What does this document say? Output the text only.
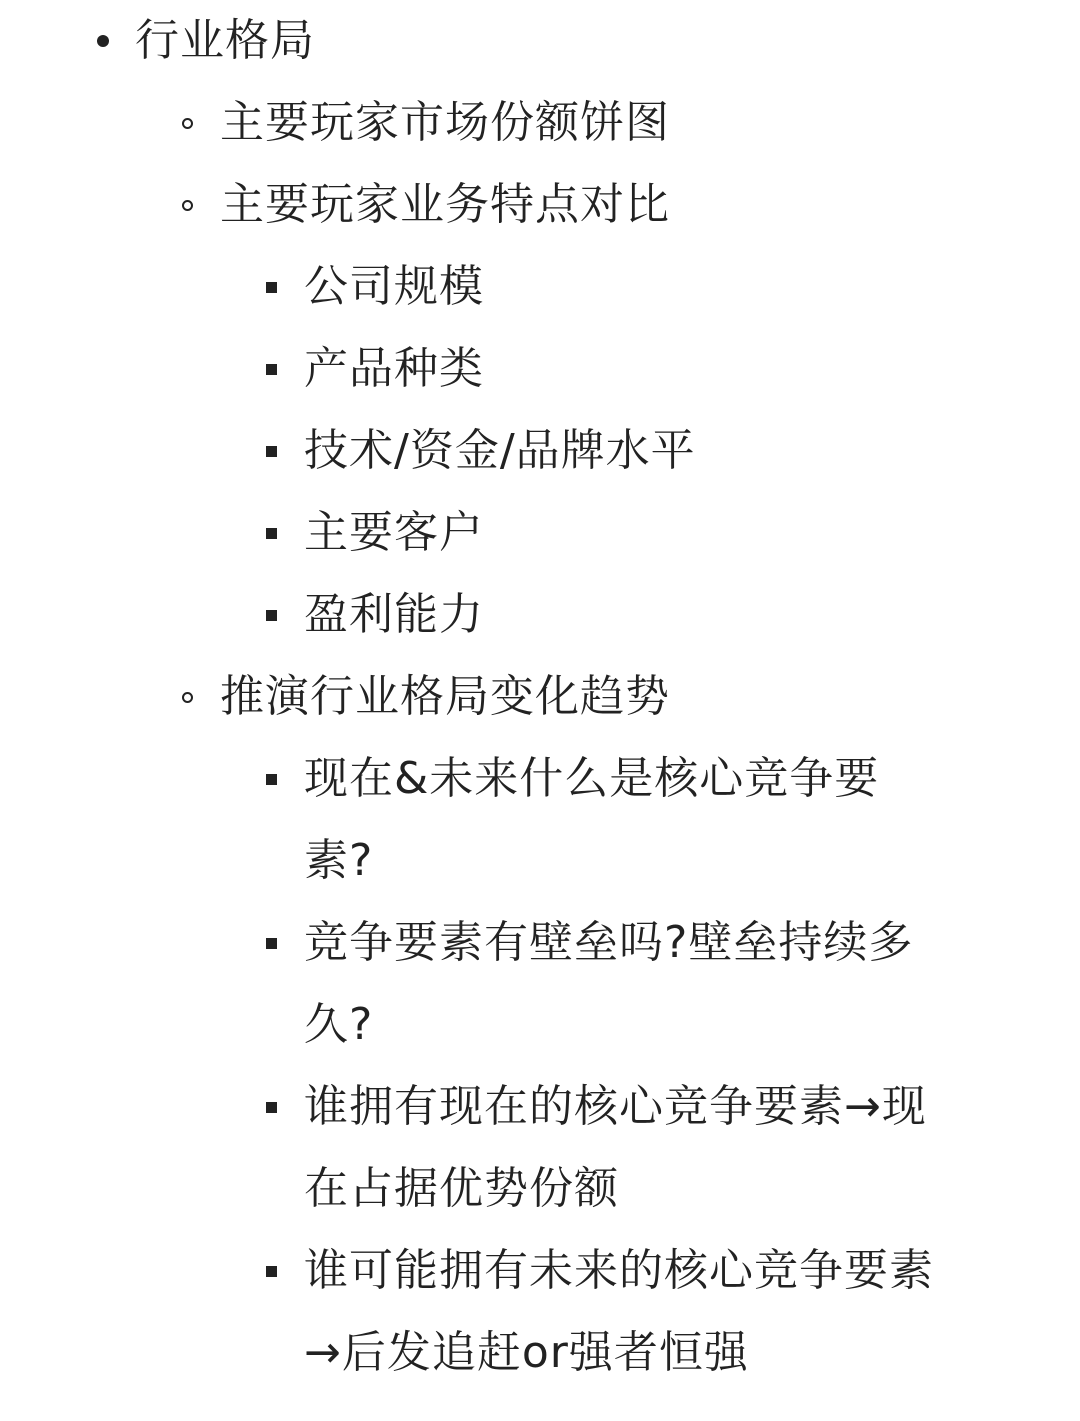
行业格局
主要玩家市场份额饼图
主要玩家业务特点对比
公司规模
产品种类
技术/资金/品牌水平
主要客户
盈利能力
推演行业格局变化趋势
现在&未来什么是核心竞争要
素?
竞争要素有壁垒吗?壁垒持续多
久?
谁拥有现在的核心竞争要素→现
在占据优势份额
谁可能拥有未来的核心竞争要素
→后发追赶or强者恒强
